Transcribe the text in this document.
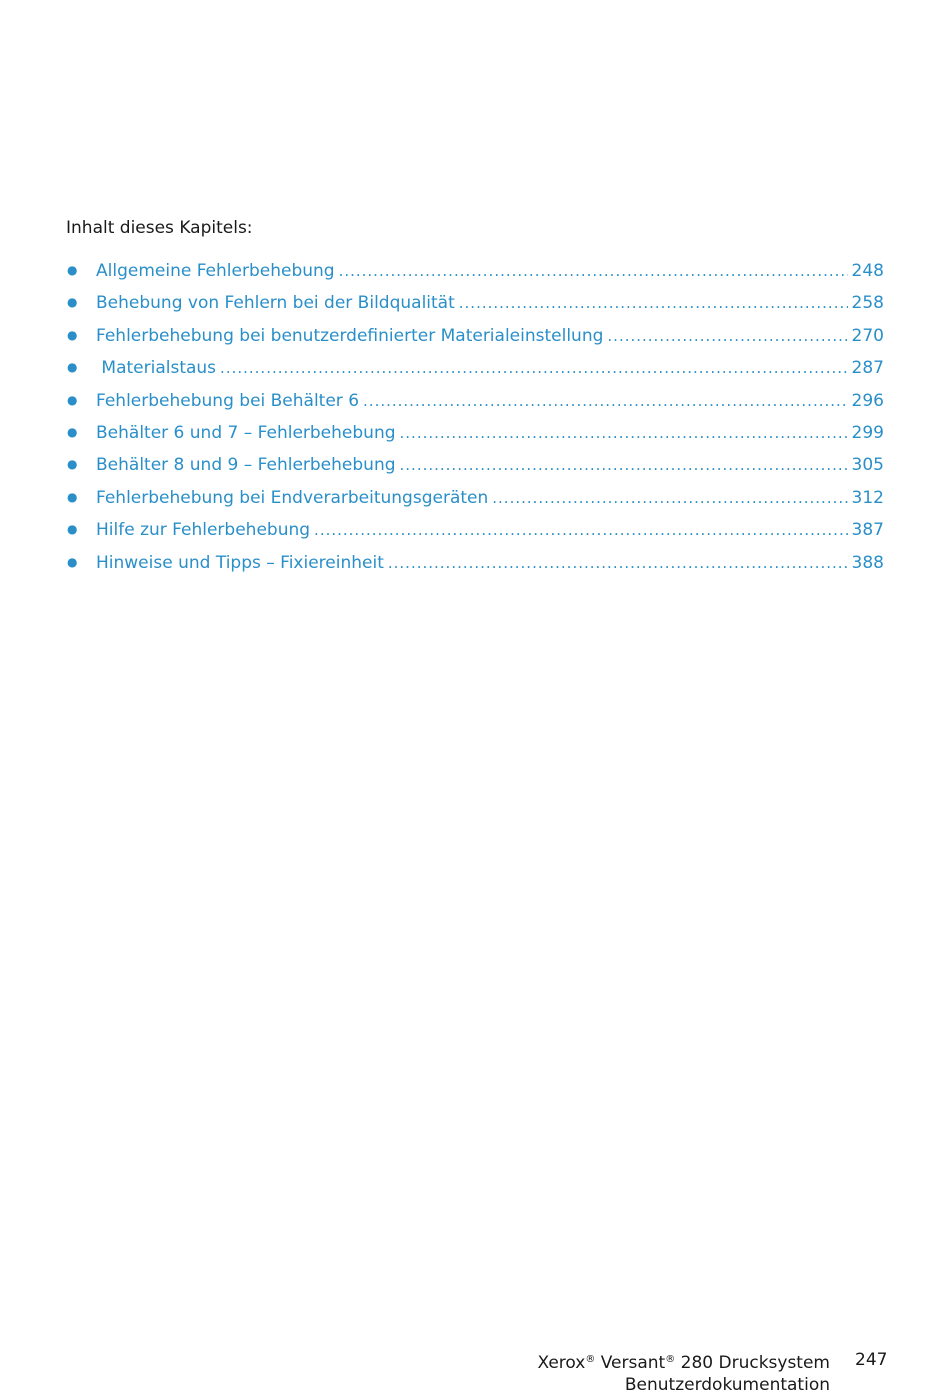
Inhalt dieses Kapitels:

●	Allgemeine Fehlerbehebung .....	248
●	Behebung von Fehlern bei der Bildqualität .....	258
●	Fehlerbehebung bei benutzerdefinierter Materialeinstellung .....	270
●	Materialstaus .....	287
●	Fehlerbehebung bei Behälter 6 .....	296
●	Behälter 6 und 7 – Fehlerbehebung .....	299
●	Behälter 8 und 9 – Fehlerbehebung .....	305
●	Fehlerbehebung bei Endverarbeitungsgeräten .....	312
●	Hilfe zur Fehlerbehebung .....	387
●	Hinweise und Tipps – Fixiereinheit .....	388
Xerox® Versant® 280 Drucksystem
Benutzerdokumentation
247
